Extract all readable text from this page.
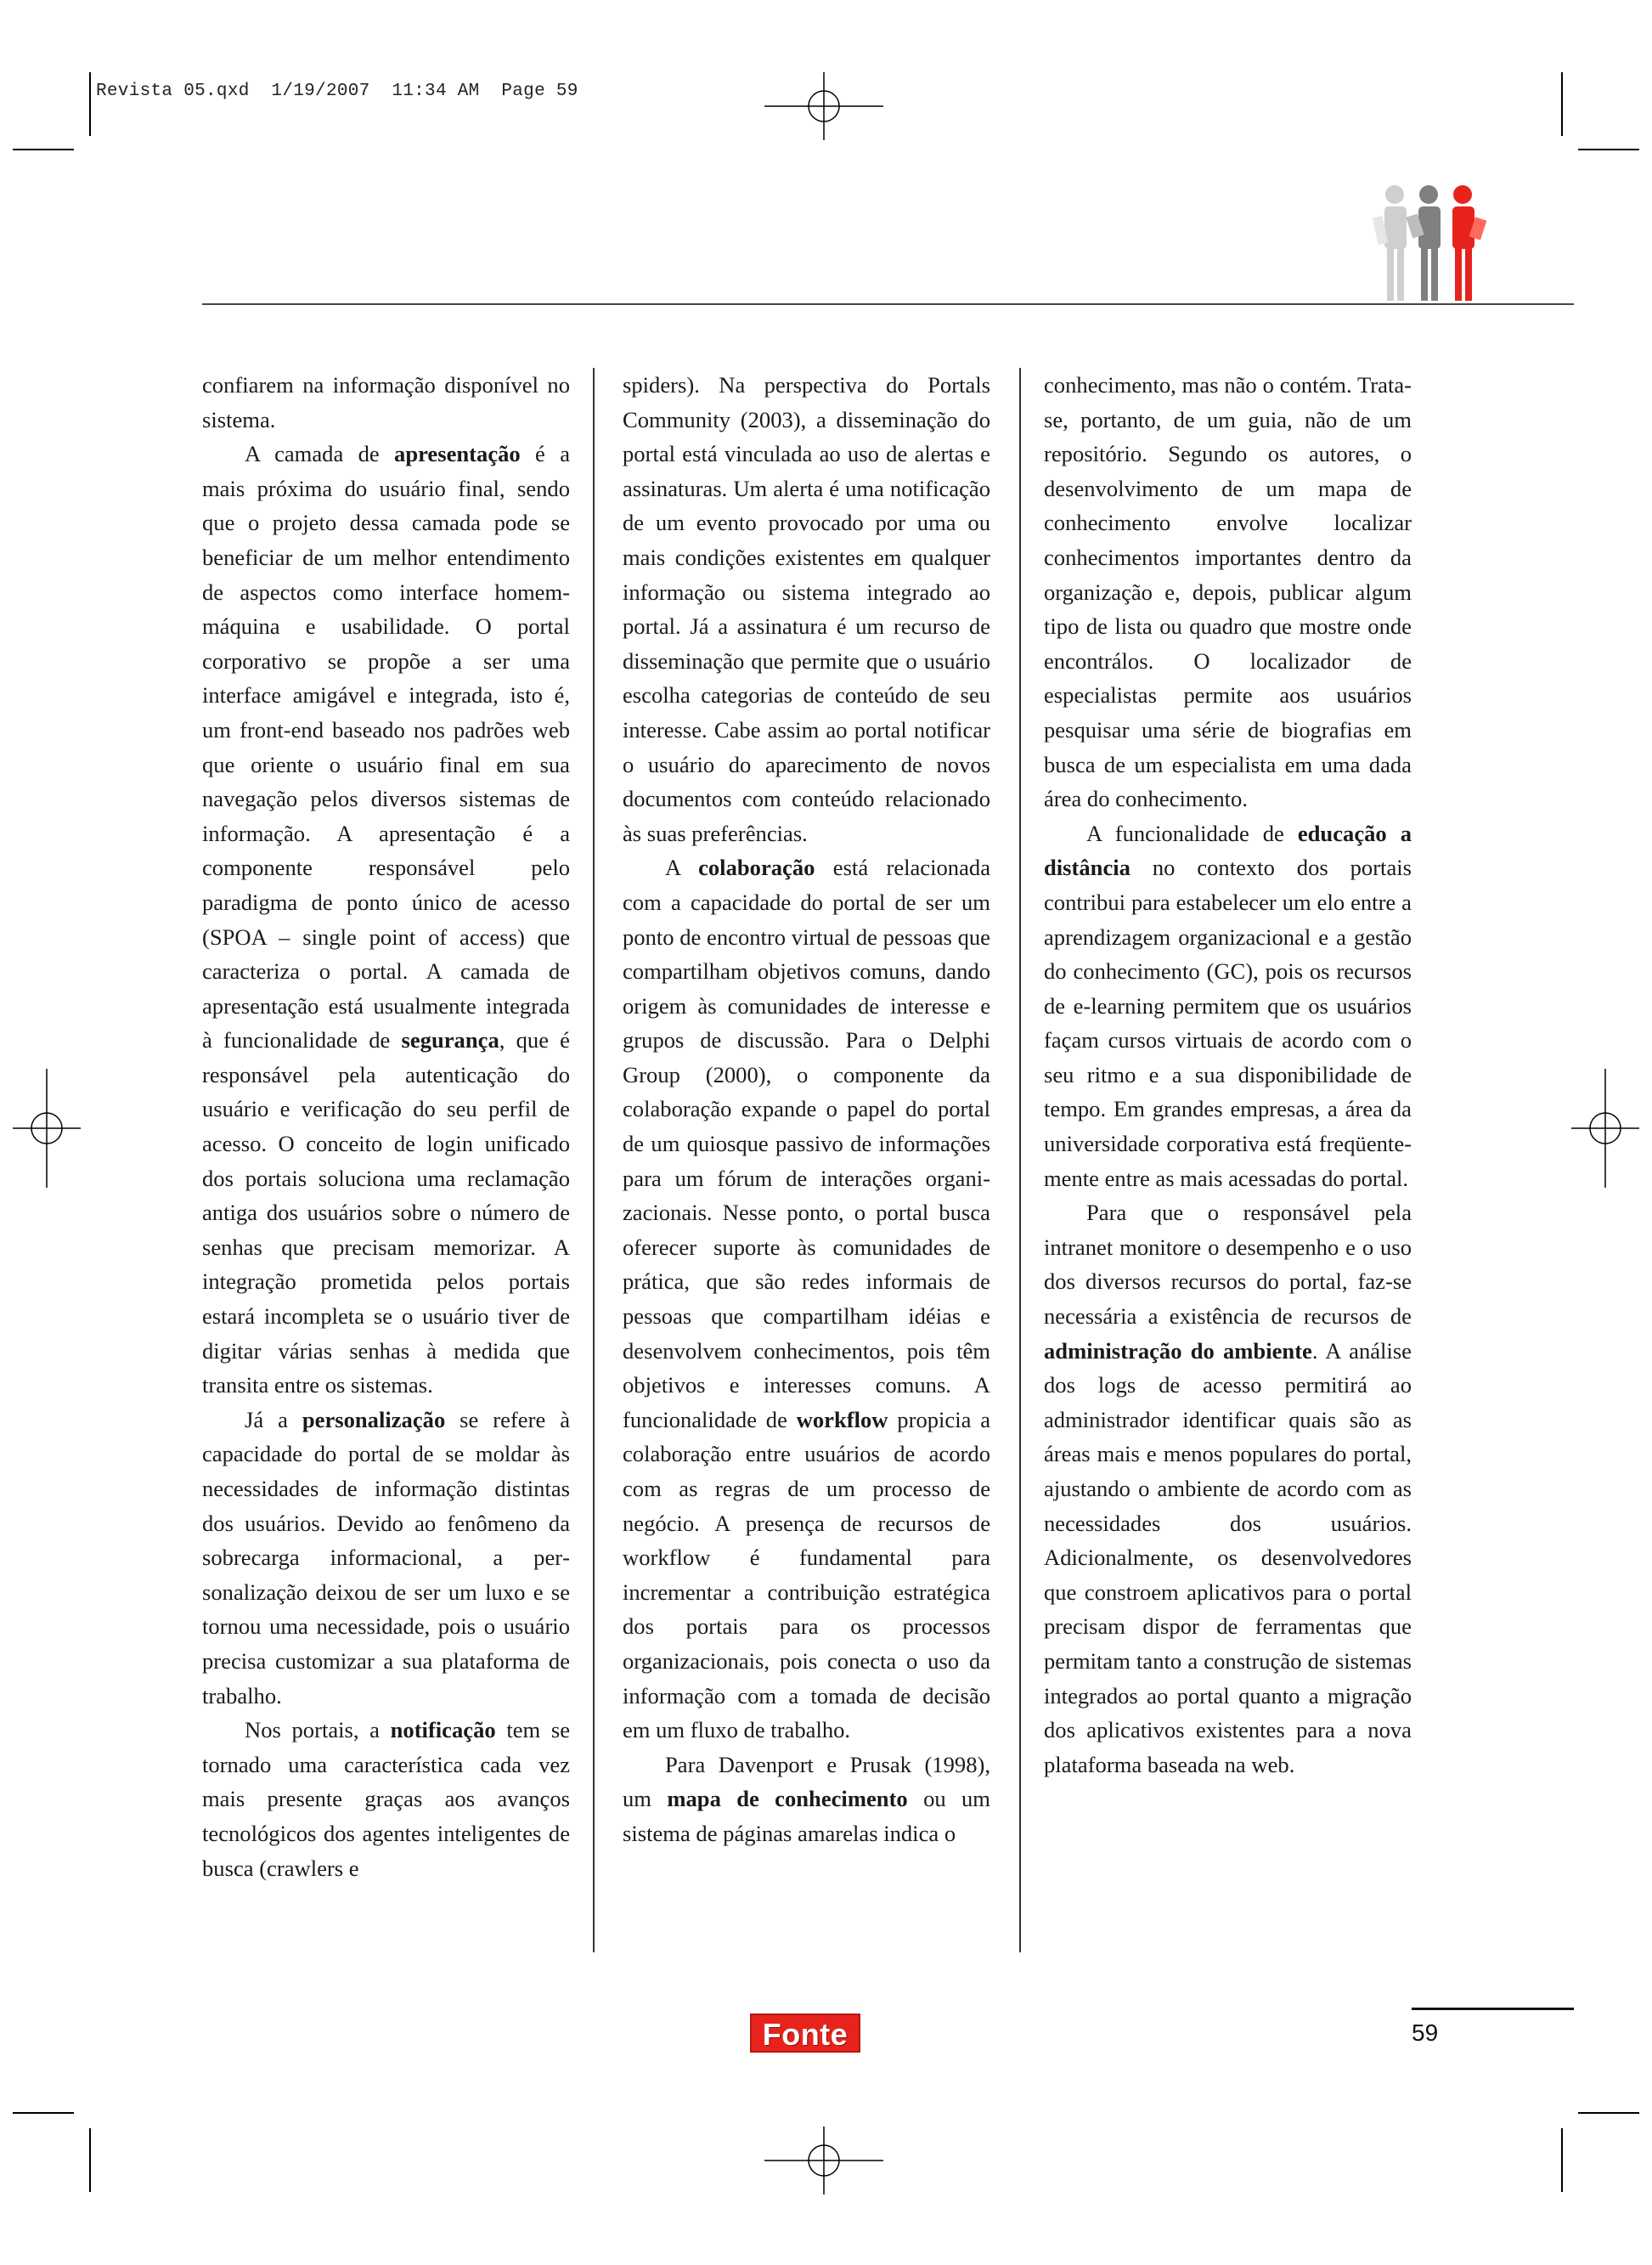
Revista 05.qxd  1/19/2007  11:34 AM  Page 59

confiarem na informação disponível no sistema.

A camada de apresentação é a mais próxima do usuário final, sendo que o projeto dessa camada pode se beneficiar de um melhor entendimento de aspectos como interface homem-máquina e usabilidade. O portal corporativo se propõe a ser uma interface amigável e integrada, isto é, um front-end baseado nos padrões web que oriente o usuário final em sua navegação pelos diversos sistemas de informação. A apresentação é a componente responsável pelo paradigma de ponto único de acesso (SPOA – single point of access) que caracteriza o portal. A camada de apresentação está usualmente integrada à funcionalidade de segurança, que é responsável pela autenticação do usuário e verificação do seu perfil de acesso. O conceito de login unificado dos portais soluciona uma reclamação antiga dos usuários sobre o número de senhas que precisam memorizar. A integração prometida pelos portais estará incompleta se o usuário tiver de digitar várias senhas à medida que transita entre os sistemas.

Já a personalização se refere à capacidade do portal de se moldar às necessidades de informação distintas dos usuários. Devido ao fenômeno da sobrecarga informacional, a personalização deixou de ser um luxo e se tornou uma necessidade, pois o usuário precisa customizar a sua plataforma de trabalho.

Nos portais, a notificação tem se tornado uma característica cada vez mais presente graças aos avanços tecnológicos dos agentes inteligentes de busca (crawlers e

spiders). Na perspectiva do Portals Community (2003), a disseminação do portal está vinculada ao uso de alertas e assinaturas. Um alerta é uma notificação de um evento provocado por uma ou mais condições existentes em qualquer informação ou sistema integrado ao portal. Já a assinatura é um recurso de disseminação que permite que o usuário escolha categorias de conteúdo de seu interesse. Cabe assim ao portal notificar o usuário do aparecimento de novos documentos com conteúdo relacionado às suas preferências.

A colaboração está relacionada com a capacidade do portal de ser um ponto de encontro virtual de pessoas que compartilham objetivos comuns, dando origem às comunidades de interesse e grupos de discussão. Para o Delphi Group (2000), o componente da colaboração expande o papel do portal de um quiosque passivo de informações para um fórum de interações organizacionais. Nesse ponto, o portal busca oferecer suporte às comunidades de prática, que são redes informais de pessoas que compartilham idéias e desenvolvem conhecimentos, pois têm objetivos e interesses comuns. A funcionalidade de workflow propicia a colaboração entre usuários de acordo com as regras de um processo de negócio. A presença de recursos de workflow é fundamental para incrementar a contribuição estratégica dos portais para os processos organizacionais, pois conecta o uso da informação com a tomada de decisão em um fluxo de trabalho.

Para Davenport e Prusak (1998), um mapa de conhecimento ou um sistema de páginas amarelas indica o

conhecimento, mas não o contém. Trata-se, portanto, de um guia, não de um repositório. Segundo os autores, o desenvolvimento de um mapa de conhecimento envolve localizar conhecimentos importantes dentro da organização e, depois, publicar algum tipo de lista ou quadro que mostre onde encontrálos. O localizador de especialistas permite aos usuários pesquisar uma série de biografias em busca de um especialista em uma dada área do conhecimento.

A funcionalidade de educação a distância no contexto dos portais contribui para estabelecer um elo entre a aprendizagem organizacional e a gestão do conhecimento (GC), pois os recursos de e-learning permitem que os usuários façam cursos virtuais de acordo com o seu ritmo e a sua disponibilidade de tempo. Em grandes empresas, a área da universidade corporativa está freqüentemente entre as mais acessadas do portal.

Para que o responsável pela intranet monitore o desempenho e o uso dos diversos recursos do portal, faz-se necessária a existência de recursos de administração do ambiente. A análise dos logs de acesso permitirá ao administrador identificar quais são as áreas mais e menos populares do portal, ajustando o ambiente de acordo com as necessidades dos usuários. Adicionalmente, os desenvolvedores que constroem aplicativos para o portal precisam dispor de ferramentas que permitam tanto a construção de sistemas integrados ao portal quanto a migração dos aplicativos existentes para a nova plataforma baseada na web.

Fonte	59
